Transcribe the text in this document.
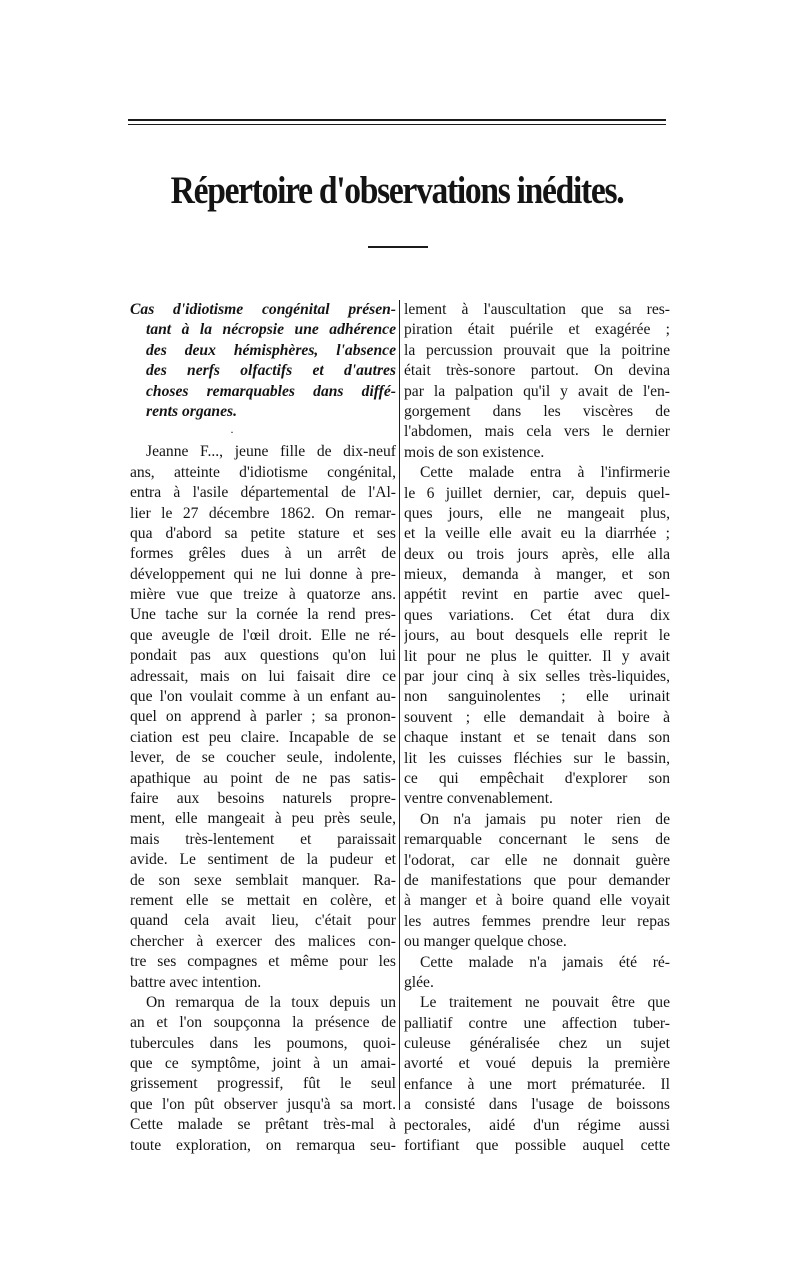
Répertoire d'observations inédites.
Cas d'idiotisme congénital présen-
tant à la nécropsie une adhérence
des deux hémisphères, l'absence
des nerfs olfactifs et d'autres
choses remarquables dans diffé-
rents organes.
·
Jeanne F..., jeune fille de dix-neuf
ans, atteinte d'idiotisme congénital,
entra à l'asile départemental de l'Al-
lier le 27 décembre 1862. On remar-
qua d'abord sa petite stature et ses
formes grêles dues à un arrêt de
développement qui ne lui donne à pre-
mière vue que treize à quatorze ans.
Une tache sur la cornée la rend pres-
que aveugle de l'œil droit. Elle ne ré-
pondait pas aux questions qu'on lui
adressait, mais on lui faisait dire ce
que l'on voulait comme à un enfant au-
quel on apprend à parler ; sa pronon-
ciation est peu claire. Incapable de se
lever, de se coucher seule, indolente,
apathique au point de ne pas satis-
faire aux besoins naturels propre-
ment, elle mangeait à peu près seule,
mais très-lentement et paraissait
avide. Le sentiment de la pudeur et
de son sexe semblait manquer. Ra-
rement elle se mettait en colère, et
quand cela avait lieu, c'était pour
chercher à exercer des malices con-
tre ses compagnes et même pour les
battre avec intention.
On remarqua de la toux depuis un
an et l'on soupçonna la présence de
tubercules dans les poumons, quoi-
que ce symptôme, joint à un amai-
grissement progressif, fût le seul
que l'on pût observer jusqu'à sa mort.
Cette malade se prêtant très-mal à
toute exploration, on remarqua seu-
lement à l'auscultation que sa res-
piration était puérile et exagérée ;
la percussion prouvait que la poitrine
était très-sonore partout. On devina
par la palpation qu'il y avait de l'en-
gorgement dans les viscères de
l'abdomen, mais cela vers le dernier
mois de son existence.
Cette malade entra à l'infirmerie
le 6 juillet dernier, car, depuis quel-
ques jours, elle ne mangeait plus,
et la veille elle avait eu la diarrhée ;
deux ou trois jours après, elle alla
mieux, demanda à manger, et son
appétit revint en partie avec quel-
ques variations. Cet état dura dix
jours, au bout desquels elle reprit le
lit pour ne plus le quitter. Il y avait
par jour cinq à six selles très-liquides,
non sanguinolentes ; elle urinait
souvent ; elle demandait à boire à
chaque instant et se tenait dans son
lit les cuisses fléchies sur le bassin,
ce qui empêchait d'explorer son
ventre convenablement.
On n'a jamais pu noter rien de
remarquable concernant le sens de
l'odorat, car elle ne donnait guère
de manifestations que pour demander
à manger et à boire quand elle voyait
les autres femmes prendre leur repas
ou manger quelque chose.
Cette malade n'a jamais été ré-
glée.
Le traitement ne pouvait être que
palliatif contre une affection tuber-
culeuse généralisée chez un sujet
avorté et voué depuis la première
enfance à une mort prématurée. Il
a consisté dans l'usage de boissons
pectorales, aidé d'un régime aussi
fortifiant que possible auquel cette
